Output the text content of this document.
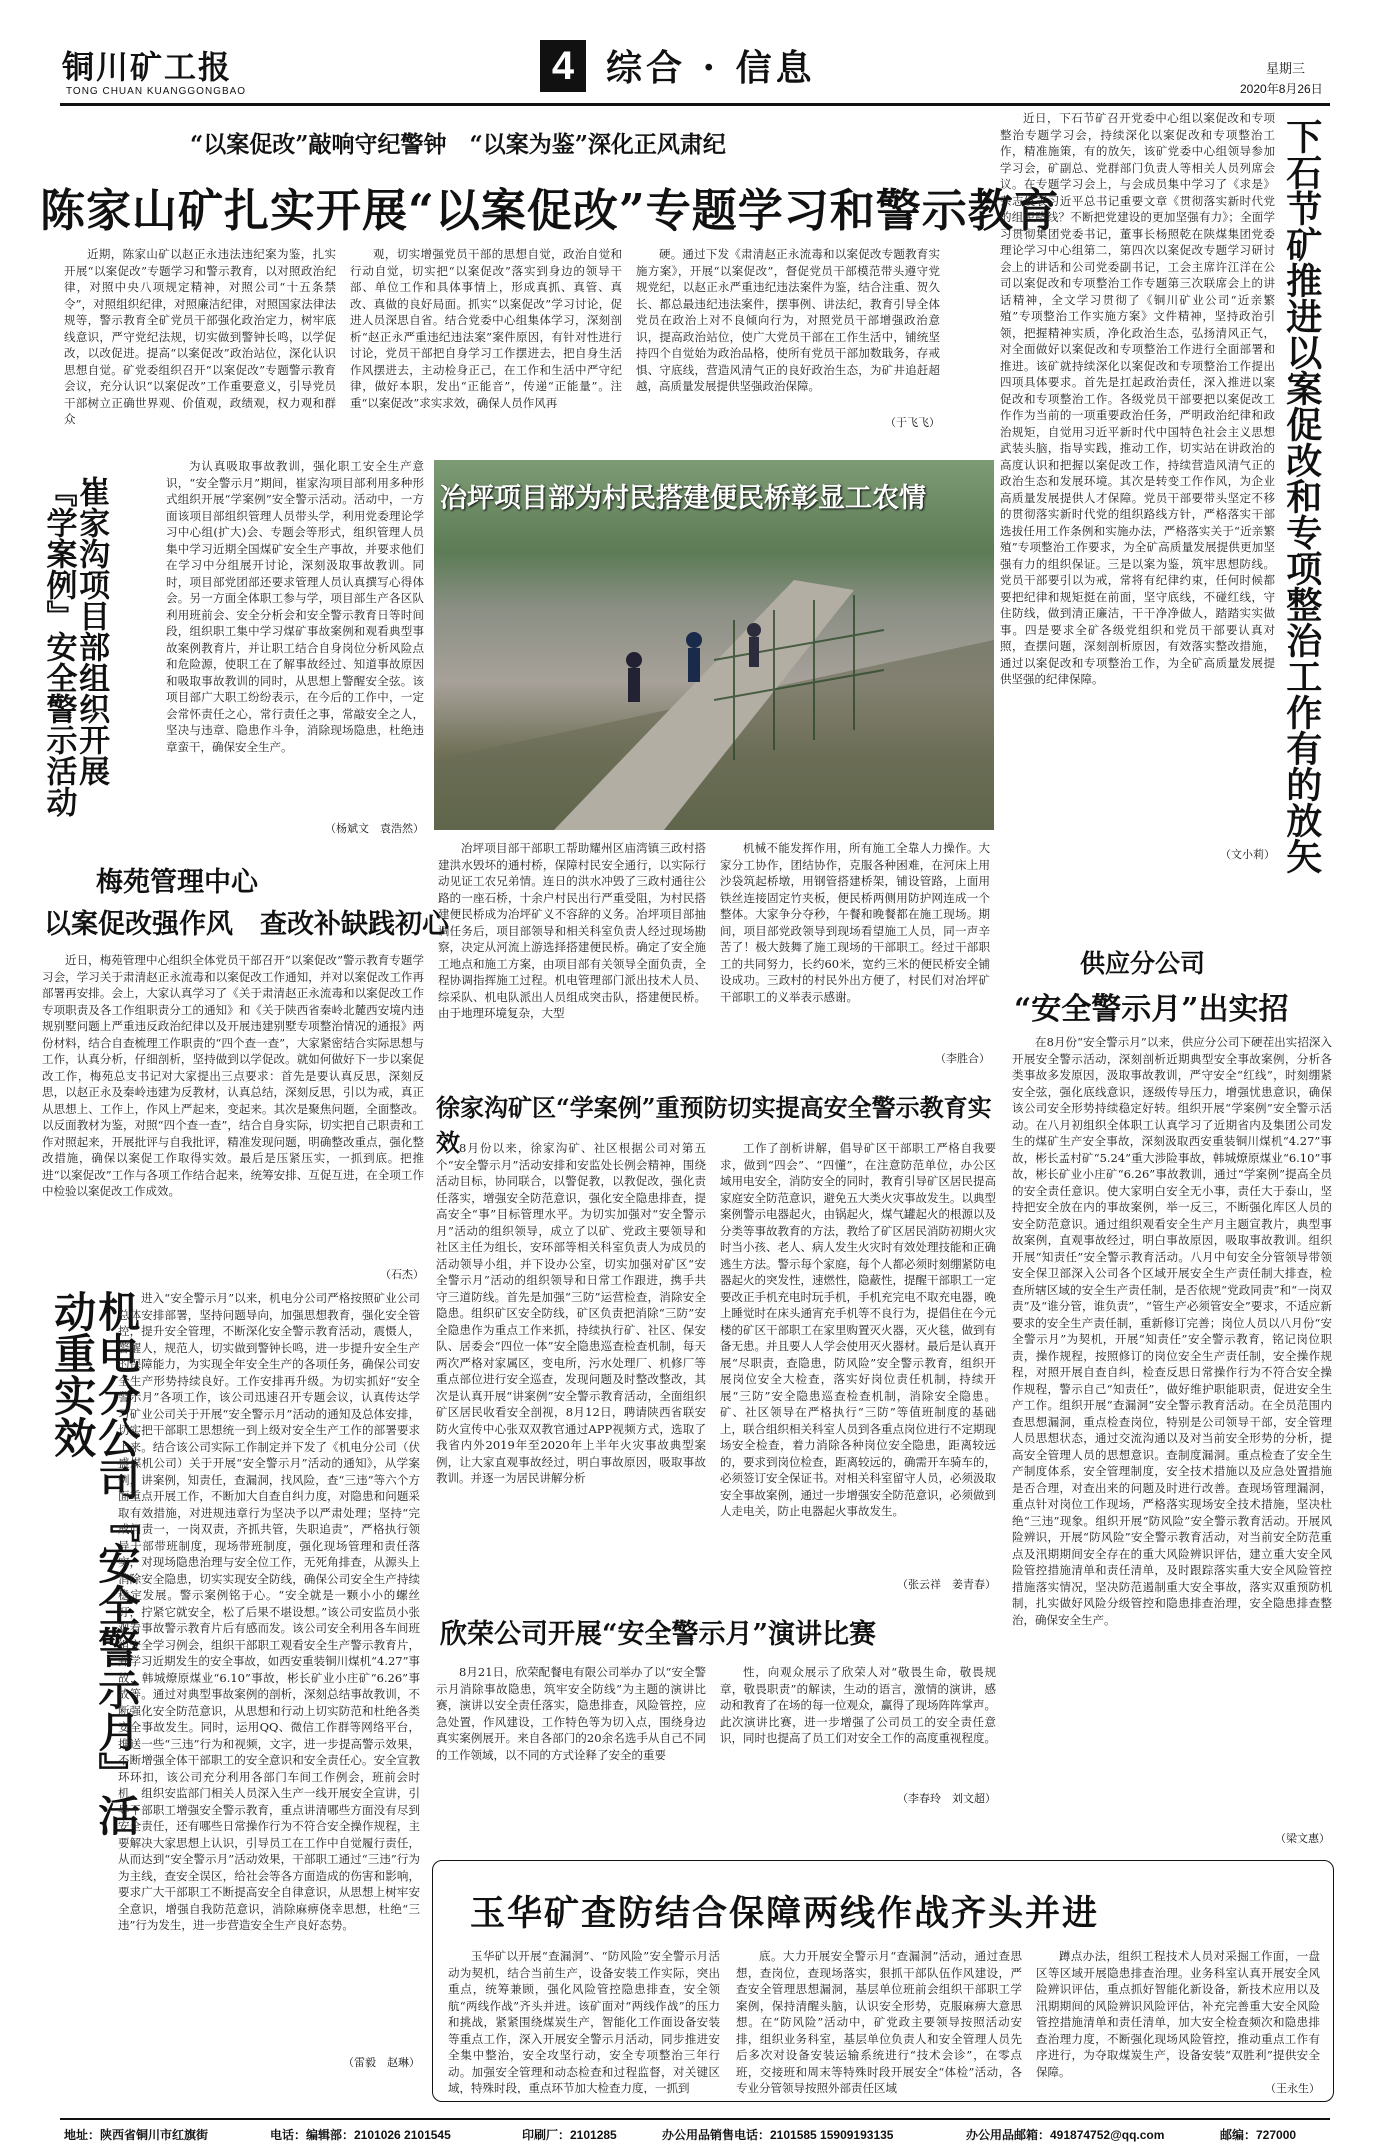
铜川矿工报
TONG CHUAN KUANGGONGBAO
4 综合 · 信息	星期三
2020年8月26日
“以案促改”敲响守纪警钟　“以案为鉴”深化正风肃纪
陈家山矿扎实开展“以案促改”专题学习和警示教育
近期，陈家山矿以赵正永违法违纪案为鉴，扎实开展“以案促改”专题学习和警示教育，以对照政治纪律，对照中央八项规定精神，对照公司“十五条禁令”，对照组织纪律，对照廉洁纪律，对照国家法律法规等，警示教育全矿党员干部强化政治定力，树牢底线意识，严守党纪法规，切实做到警钟长鸣，以学促改，以改促进。提高“以案促改”政治站位，深化认识思想自觉。矿党委组织召开“以案促改”专题警示教育会议，充分认识“以案促改”工作重要意义，引导党员干部树立正确世界观、价值观，政绩观，权力观和群众
观，切实增强党员干部的思想自觉，政治自觉和行动自觉，切实把“以案促改”落实到身边的领导干部、单位工作和具体事情上，形成真抓、真管、真改、真做的良好局面。抓实“以案促改”学习讨论，促进人员深思自省。结合党委中心组集体学习，深刻剖析“赵正永严重违纪违法案”案件原因，有针对性进行讨论，党员干部把自身学习工作摆进去，把自身生活作风摆进去，主动检身正己，在工作和生活中严守纪律，做好本职，发出“正能音”，传递“正能量”。注重“以案促改”求实求效，确保人员作风再
硬。通过下发《肃清赵正永流毒和以案促改专题教育实施方案》，开展“以案促改”，督促党员干部模范带头遵守党规党纪，以赵正永严重违纪违法案件为鉴，结合注重、贺久长、都总最违纪违法案件，摆事例、讲法纪，教育引导全体党员在政治上对不良倾向行为，对照党员干部增强政治意识，提高政治站位，使广大党员干部在工作生活中，铺统坚持四个自觉始为政治品格，使所有党员干部加数戢务，存戒惧、守底线，营造风清气正的良好政治生态，为矿井追赶超越，高质量发展提供坚强政治保障。
（于飞飞）
近日，下石节矿召开党委中心组以案促改和专项整治专题学习会，持续深化以案促改和专项整治工作，精准施策，有的放矢，该矿党委中心组领导参加学习会，矿副总、党群部门负责人等相关人员列席会议。在专题学习会上，与会成员集中学习了《求是》杂志发表习近平总书记重要文章《贯彻落实新时代党的组织路线？不断把党建设的更加坚强有力》；全面学习贯彻集团党委书记，董事长杨照乾在陕煤集团党委理论学习中心组第二，第四次以案促改专题学习研讨会上的讲话和公司党委副书记，工会主席许江洋在公司以案促改和专项整治工作专题第三次联席会上的讲话精神，全文学习贯彻了《铜川矿业公司“近亲繁殖”专项整治工作实施方案》文件精神，坚持政治引领，把握精神实质，净化政治生态，弘扬清风正气，对全面做好以案促改和专项整治工作进行全面部署和推进。该矿就持续深化以案促改和专项整治工作提出四项具体要求。首先是扛起政治责任，深入推进以案促改和专项整治工作。各级党员干部要把以案促改工作作为当前的一项重要政治任务，严明政治纪律和政治规矩，自觉用习近平新时代中国特色社会主义思想武装头脑，指导实践，推动工作，切实站在讲政治的高度认识和把握以案促改工作，持续营造风清气正的政治生态和发展环境。其次是转变工作作风，为企业高质量发展提供人才保障。党员干部要带头坚定不移的贯彻落实新时代党的组织路线方针，严格落实干部选拔任用工作条例和实施办法，严格落实关于“近亲繁殖”专项整治工作要求，为全矿高质量发展提供更加坚强有力的组织保证。三是以案为鉴，筑牢思想防线。党员干部要引以为戒，常将有纪律约束，任何时候都要把纪律和规矩挺在前面，坚守底线，不碰红线，守住防线，做到清正廉洁，干干净净做人，踏踏实实做事。四是要求全矿各级党组织和党员干部要认真对照，查摆问题，深刻剖析原因，有效落实整改措施，通过以案促改和专项整治工作，为全矿高质量发展提供坚强的纪律保障。	下石节矿推进以案促改和专项整治工作有的放矢
（文小莉）
崔家沟项目部组织开展『学案例』安全警示活动
为认真吸取事故教训，强化职工安全生产意识，“安全警示月”期间，崔家沟项目部利用多种形式组织开展“学案例”安全警示活动。活动中，一方面该项目部组织管理人员带头学，利用党委理论学习中心组(扩大)会、专题会等形式，组织管理人员集中学习近期全国煤矿安全生产事故，并要求他们在学习中分组展开讨论，深刻汲取事故教训。同时，项目部党团部还要求管理人员认真撰写心得体会。另一方面全体职工参与学，项目部生产各区队利用班前会、安全分析会和安全警示教育日等时间段，组织职工集中学习煤矿事故案例和观看典型事故案例教育片，并让职工结合自身岗位分析风险点和危险源，使职工在了解事故经过、知道事故原因和吸取事故教训的同时，从思想上警醒安全弦。该项目部广大职工纷纷表示，在今后的工作中，一定会常怀责任之心，常行责任之事，常敲安全之人，坚决与违章、隐患作斗争，消除现场隐患，杜绝违章蛮干，确保安全生产。
（杨斌文　袁浩然）
冶坪项目部为村民搭建便民桥彰显工农情
冶坪项目部干部职工帮助耀州区庙湾镇三政村搭建洪水毁坏的通村桥，保障村民安全通行，以实际行动见证工农兄弟情。连日的洪水冲毁了三政村通往公路的一座石桥，十余户村民出行严重受阻，为村民搭建便民桥成为冶坪矿义不容辞的义务。冶坪项目部抽调任务后，项目部领导和相关科室负责人经过现场勘察，决定从河流上游选择搭建便民桥。确定了安全施工地点和施工方案，由项目部有关领导全面负责，全程协调指挥施工过程。机电管理部门派出技术人员、综采队、机电队派出人员组成突击队，搭建便民桥。由于地理环境复杂，大型
机械不能发挥作用，所有施工全靠人力操作。大家分工协作，团结协作，克服各种困难，在河床上用沙袋筑起桥墩，用钢管搭建桥架，铺设管路，上面用铁丝连接固定竹夹板，便民桥两侧用防护网连成一个整体。大家争分夺秒，午餐和晚餐都在施工现场。期间，项目部党政领导到现场看望施工人员，同一声辛苦了！极大鼓舞了施工现场的干部职工。经过干部职工的共同努力，长约60米，宽约三米的便民桥安全铺设成功。三政村的村民外出方便了，村民们对冶坪矿干部职工的义举表示感谢。
（李胜合）
梅苑管理中心
以案促改强作风　查改补缺践初心
近日，梅苑管理中心组织全体党员干部召开“以案促改”警示教育专题学习会，学习关于肃清赵正永流毒和以案促改工作通知，并对以案促改工作再部署再安排。会上，大家认真学习了《关于肃清赵正永流毒和以案促改工作专项职责及各工作组职责分工的通知》和《关于陕西省秦岭北麓西安境内违规别墅问题上严重违反政治纪律以及开展违建别墅专项整治情况的通报》两份材料，结合自查梳理工作职责的“四个查一查”，大家紧密结合实际思想与工作，认真分析，仔细剖析，坚持做到以学促改。就如何做好下一步以案促改工作，梅苑总支书记对大家提出三点要求：首先是要认真反思，深刻反思，以赵正永及秦岭违建为反教材，认真总结，深刻反思，引以为戒，真正从思想上、工作上，作风上严起来，变起来。其次是聚焦问题，全面整改。以反面教材为鉴，对照“四个查一查”，结合自身实际，切实把自己职责和工作对照起来，开展批评与自我批评，精准发现问题，明确整改重点，强化整改措施，确保以案促工作取得实效。最后是压紧压实，一抓到底。把推进“以案促改”工作与各项工作结合起来，统筹安排、互促互进，在全项工作中检验以案促改工作成效。
（石杰）
供应分公司
“安全警示月”出实招
在8月份“安全警示月”以来，供应分公司下硬茬出实招深入开展安全警示活动，深刻剖析近期典型安全事故案例，分析各类事故多发原因，汲取事故教训，严守安全“红线”，时刻绷紧安全弦，强化底线意识，逐级传导压力，增强忧患意识，确保该公司安全形势持续稳定好转。组织开展“学案例”安全警示活动。在八月初组织全体职工认真学习了近期省内及集团公司发生的煤矿生产安全事故，深刻汲取西安重装铜川煤机“4.27”事故，彬长孟村矿“5.24”重大涉险事故，韩城燎原煤业“6.10”事故，彬长矿业小庄矿“6.26”事故教训，通过“学案例”提高全员的安全责任意识。使大家明白安全无小事，责任大于泰山，坚持把安全放在内的事故案例，举一反三，不断强化库区人员的安全防范意识。通过组织观看安全生产月主题宣教片，典型事故案例，直观事故经过，明白事故原因，吸取事故教训。组织开展“知责任”安全警示教育活动。八月中旬安全分管领导带领安全保卫部深入公司各个区域开展安全生产责任制大排查，检查所辖区域的安全生产责任制，是否依规“党政同责”和“一岗双责”及“谁分管，谁负责”，“管生产必须管安全”要求，不适应新要求的安全生产责任制，重新修订完善；岗位人员以八月份“安全警示月”为契机，开展“知责任”安全警示教育，铭记岗位职责，操作规程，按照修订的岗位安全生产责任制，安全操作规程，对照开展自查自纠，检查反思日常操作行为不符合安全操作规程，警示自己“知责任”，做好维护职能职责，促进安全生产工作。组织开展“查漏洞”安全警示教育活动。在全员范围内查思想漏洞，重点检查岗位，特别是公司领导干部，安全管理人员思想状态，通过交流沟通以及对当前安全形势的分析，提高安全管理人员的思想意识。查制度漏洞。重点检查了安全生产制度体系，安全管理制度，安全技术措施以及应急处置措施是否合理，对查出来的问题及时进行改善。查现场管理漏洞，重点针对岗位工作现场，严格落实现场安全技术措施，坚决杜绝“三违”现象。组织开展“防风险”安全警示教育活动。开展风险辨识，开展“防风险”安全警示教育活动，对当前安全防范重点及汛期期间安全存在的重大风险辨识评估，建立重大安全风险管控措施清单和责任清单，及时跟踪落实重大安全风险管控措施落实情况，坚决防范遏制重大安全事故，落实双重预防机制，扎实做好风险分级管控和隐患排查治理，安全隐患排查整治，确保安全生产。
（梁文惠）
徐家沟矿区“学案例”重预防切实提高安全警示教育实效 8月份以来，徐家沟矿、社区根据公司对第五个“安全警示月”活动安排和安监处长例会精神，围绕活动目标，协同联合，以警促教，以教促改，强化责任落实，增强安全防范意识，强化安全隐患排查，提高安全“事”目标管理水平。为切实加强对“安全警示月”活动的组织领导，成立了以矿、党政主要领导和社区主任为组长，安环部等相关科室负责人为成员的活动领导小组，并下设办公室，切实加强对矿区“安全警示月”活动的组织领导和日常工作跟进，携手共守三道防线。首先是加强“三防”运营检查，消除安全隐患。组织矿区安全防线，矿区负责把消除“三防”安全隐患作为重点工作来抓，持续执行矿、社区、保安队、居委会“四位一体”安全隐患巡查检查机制，每天两次严格对家属区，变电所，污水处理厂、机修厂等重点部位进行安全巡查，发现问题及时整改整改，其次是认真开展“讲案例”安全警示教育活动，全面组织矿区居民收看安全剖视，8月12日，聘请陕西省联安防火宣传中心张双双教官通过APP视频方式，选取了我省内外2019年至2020年上半年火灾事故典型案例，让大家直观事故经过，明白事故原因，吸取事故教训。并逐一为居民讲解分析
工作了剖析讲解，倡导矿区干部职工严格自我要求，做到“四会”、“四懂”，在注意防范单位，办公区域用电安全，消防安全的同时，教育引导矿区居民提高家庭安全防范意识，避免五大类火灾事故发生。以典型案例警示电器起火，由锅起火，煤气罐起火的根源以及分类等事故教育的方法，教给了矿区居民消防初期火灾时当小孩、老人、病人发生火灾时有效处理技能和正确逃生方法。警示每个家庭，每个人都必须时刻绷紧防电器起火的突发性，速燃性，隐蔽性，提醒干部职工一定要改正手机充电时玩手机，手机充完电不取充电器，晚上睡觉时在床头通宵充手机等不良行为，提倡住在今元楼的矿区干部职工在家里购置灭火器，灭火毯，做到有备无患。并且要人人学会使用灭火器材。最后是认真开展“尽职责，查隐患，防风险”安全警示教育，组织开展岗位安全大检查，落实好岗位责任机制，持续开展“三防”安全隐患巡查检查机制，消除安全隐患。矿、社区领导在严格执行“三防”等值班制度的基础上，联合组织相关科室人员到各重点岗位进行不定期现场安全检查，着力消除各种岗位安全隐患，距离较远的，要求到岗位检查，距离较远的，确需开车骑车的，必须签订安全保证书。对相关科室留守人员，必须汲取安全事故案例，通过一步增强安全防范意识，必须做到人走电关，防止电器起火事故发生。
（张云祥　姜青春）
机电分公司『安全警示月』活动重实效	进入“安全警示月”以来，机电分公司严格按照矿业公司总体安排部署，坚持问题导向，加强思想教育，强化安全管控，提升安全管理，不断深化安全警示教育活动，震慑人，警醒人，规范人，切实做到警钟长鸣，进一步提升安全生产的保障能力，为实现全年安全生产的各项任务，确保公司安全生产形势持续良好。工作安排再升级。为切实抓好“安全警示月”各项工作，该公司迅速召开专题会议，认真传达学习矿业公司关于开展“安全警示月”活动的通知及总体安排，切实把干部职工思想统一到上级对安全生产工作的部署要求上来。结合该公司实际工作制定并下发了《机电分公司（伏盛煤机公司）关于开展“安全警示月”活动的通知》，从学案例，讲案例，知责任，查漏洞，找风险，查“三违”等六个方面重点开展工作，不断加大自查自纠力度，对隐患和问题采取有效措施，对进规违章行为坚决予以严肃处理；坚持“完成问责一，一岗双责，齐抓共管，失职追责”，严格执行领导干部带班制度，现场带班制度，强化现场管理和责任落实，对现场隐患治理与安全位工作，无死角排查，从源头上消除安全隐患，切实实现安全防线，确保公司安全生产持续稳定发展。警示案例铭于心。“安全就是一颗小小的螺丝钉，拧紧它就安全，松了后果不堪设想。”该公司安监员小张观看事故警示教育片后有感而发。该公司安全利用各车间班组安全学习例会，组织干部职工观看安全生产警示教育片，并学习近期发生的安全事故，如西安重装铜川煤机“4.27”事故，韩城燎原煤业“6.10”事故，彬长矿业小庄矿“6.26”事故等。通过对典型事故案例的剖析，深刻总结事故教训，不断强化安全防范意识，从思想和行动上切实防范和杜绝各类安全事故发生。同时，运用QQ、微信工作群等网络平台，推送一些“三违”行为和视频，文字，进一步提高警示效果，不断增强全体干部职工的安全意识和安全责任心。安全宣教环环扣，该公司充分利用各部门车间工作例会，班前会时机，组织安监部门相关人员深入生产一线开展安全宣讲，引导干部职工增强安全警示教育，重点讲清哪些方面没有尽到安全责任，还有哪些日常操作行为不符合安全操作规程，主要解决大家思想上认识，引导员工在工作中自觉履行责任，从而达到“安全警示月”活动效果，干部职工通过“三违”行为为主线，查安全误区，给社会等各方面造成的伤害和影响，要求广大干部职工不断提高安全自律意识，从思想上树牢安全意识，增强自我防范意识，消除麻痹侥幸思想，杜绝“三违”行为发生，进一步营造安全生产良好态势。
（雷毅　赵琳）
欣荣公司开展“安全警示月”演讲比赛
8月21日，欣荣配餐电有限公司举办了以“安全警示月消除事故隐患，筑牢安全防线”为主题的演讲比赛，演讲以安全责任落实，隐患排查，风险管控，应急处置，作风建设，工作特色等为切入点，围绕身边真实案例展开。来自各部门的20余名选手从自己不同的工作领域，以不同的方式诠释了安全的重要
性，向观众展示了欣荣人对“敬畏生命，敬畏规章，敬畏职责”的解读，生动的语言，激情的演讲，感动和教育了在场的每一位观众，赢得了现场阵阵掌声。此次演讲比赛，进一步增强了公司员工的安全责任意识，同时也提高了员工们对安全工作的高度重视程度。
（李春玲　刘文超）
玉华矿查防结合保障两线作战齐头并进
玉华矿以开展“查漏洞”、“防风险”安全警示月活动为契机，结合当前生产，设备安装工作实际，突出重点，统筹兼顾，强化风险管控隐患排查，安全领航“两线作战”齐头并进。该矿面对“两线作战”的压力和挑战，紧紧围绕煤炭生产，智能化工作面设备安装等重点工作，深入开展安全警示月活动，同步推进安全集中整治，安全攻坚行动，安全专项整治三年行动。加强安全管理和动态检查和过程监督，对关键区域，特殊时段，重点环节加大检查力度，一抓到
底。大力开展安全警示月“查漏洞”活动，通过查思想，查岗位，查现场落实，狠抓干部队伍作风建设，严查安全管理思想漏洞，基层单位班前会组织干部职工学案例，保持清醒头脑，认识安全形势，克服麻痹大意思想。在“防风险”活动中，矿党政主要领导按照活动安排，组织业务科室，基层单位负责人和安全管理人员先后多次对设备安装运输系统进行“技术会诊”，在零点班，交接班和周末等特殊时段开展安全“体检”活动，各专业分管领导按照外部责任区域
蹲点办法，组织工程技术人员对采掘工作面，一盘区等区域开展隐患排查治理。业务科室认真开展安全风险辨识评估，重点抓好智能化新设备，新技术应用以及汛期期间的风险辨识风险评估，补充完善重大安全风险管控措施清单和责任清单，加大安全检查频次和隐患排查治理力度，不断强化现场风险管控，推动重点工作有序进行，为夺取煤炭生产，设备安装“双胜利”提供安全保障。
（王永生）
地址：陕西省铜川市红旗街	电话：编辑部：2101026 2101545	印刷厂：2101285	办公用品销售电话：2101585 15909193135	办公用品邮箱：491874752@qq.com	邮编：727000
